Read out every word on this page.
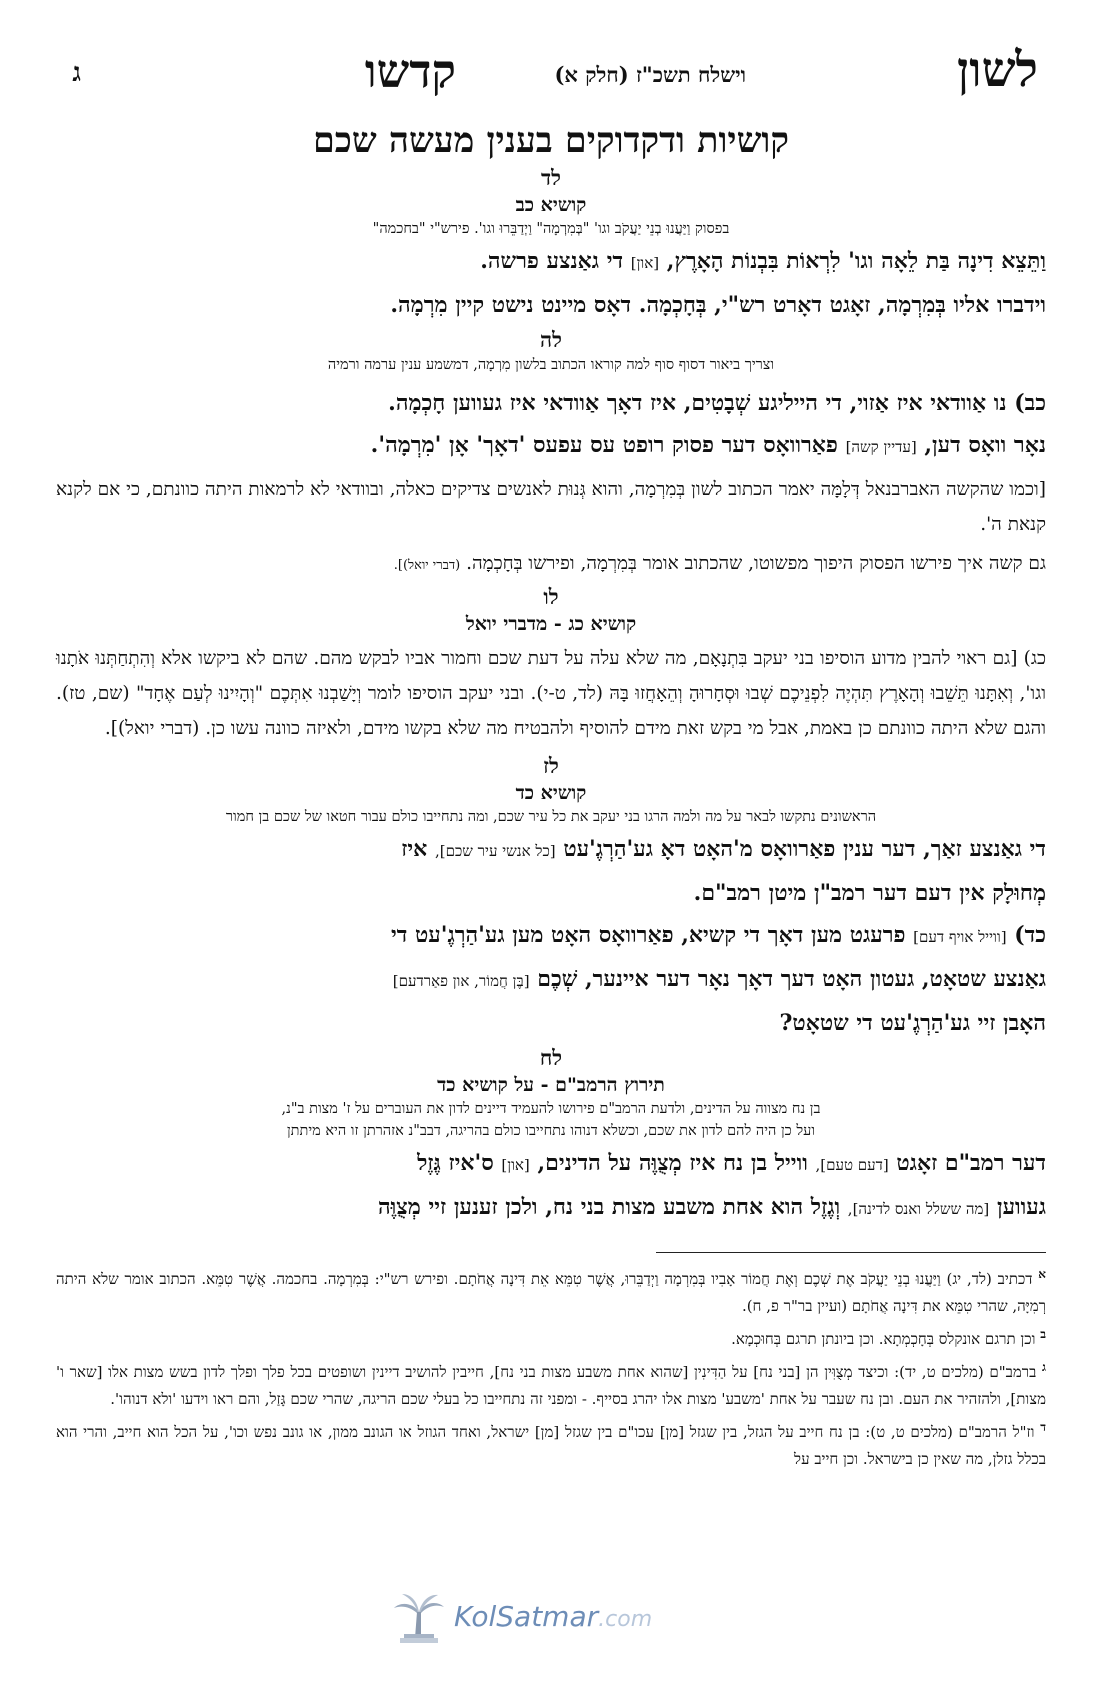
לשון
וישלח תשכ"ז (חלק א)
קדשו
ג
קושיות ודקדוקים בענין מעשה שכם
לד
קושיא כב
בפסוק וַיַּעֲנוּ בְנֵי יַעֲקֹב וגו' "בְּמִרְמָה" וַיְדַבֵּרוּ וגו'. פירש"י "בחכמה"

וַתֵּצֵא דִינָה בַּת לֵאָה וגו' לִרְאוֹת בִּבְנוֹת הָאָרֶץ, [און] די גאַנצע פרשה.

וידברו אליו בְּמִרְמָה, זאָגט דאָרט רש"י, בְּחָכְמָה. דאָס מיינט נישט קיין מִרְמָה.

לה
וצריך ביאור דסוף סוף למה קוראו הכתוב בלשון מִרְמָה, דמשמע ענין ערמה ורמיה

כב) נו אַוודאי איז אַזוי, די הייליגע שְׁבָטִים, איז דאָך אַוודאי איז געווען חָכְמָה.

נאָר וואָס דען, [עדיין קשה] פאַרוואָס דער פסוק רופט עס עפעס 'דאָך' אָן 'מִרְמָה'.

[וכמו שהקשה האברבנאל דְּלָמָּה יאמר הכתוב לשון בְּמִרְמָה, והוא גְּנוּת לאנשים צדיקים כאלה, ובוודאי לא לרמאות היתה כוונתם, כי אם לקנא קנאת ה'.

גם קשה איך פירשו הפסוק היפוך מפשוטו, שהכתוב אומר בְּמִרְמָה, ופירשו בְּחָכְמָה. (דברי יואל)].

לו
קושיא כג - מדברי יואל

כג) [גם ראוי להבין מדוע הוסיפו בני יעקב בִּתְנָאָם, מה שלא עלה על דעת שכם וחמור אביו לבקש מהם. שהם לא ביקשו אלא וְהִתְחַתְּנוּ אֹתָנוּ וגו', וְאִתָּנוּ תֵּשֵׁבוּ וְהָאָרֶץ תִּהְיֶה לִפְנֵיכֶם שְׁבוּ וּסְחָרוּהָ וְהֵאָחֲזוּ בָּהּ (לד, ט-י). ובני יעקב הוסיפו לומר וְיָשַׁבְנוּ אִתְּכֶם "וְהָיִינוּ לְעַם אֶחָד" (שם, טז). והגם שלא היתה כוונתם כן באמת, אבל מי בקש זאת מידם להוסיף ולהבטיח מה שלא בקשו מידם, ולאיזה כוונה עשו כן. (דברי יואל)].

לז
קושיא כד
הראשונים נתקשו לבאר על מה ולמה הרגו בני יעקב את כל עיר שכם, ומה נתחייבו כולם עבור חטאו של שכם בן חמור

די גאַנצע זאַך, דער ענין פאַרוואָס מ'האָט דאָ גע'הַרְגֶ'עט [כל אנשי עיר שכם], איז

מְחוּלָק אין דעם דער רמב"ן מיטן רמב"ם.

כד) [ווייל אויף דעם] פרעגט מען דאָך די קשיא, פאַרוואָס האָט מען גע'הַרְגֶ'עט די

גאַנצע שטאָט, געטון האָט דעך דאָך נאָר דער איינער, שְׁכֶם [בֶּן חֲמוֹר, און פאַרדעם]

האָבן זיי גע'הַרְגֶ'עט די שטאָט?

לח
תירוץ הרמב"ם - על קושיא כד
בן נח מצווה על הדינים, ולדעת הרמב"ם פירושו להעמיד דיינים לדון את העוברים על ז' מצות ב"נ,
ועל כן היה להם לדון את שכם, וכשלא דנוהו נתחייבו כולם בהריגה, דבב"נ אזהרתן זו היא מיתתן

דער רמב"ם זאָגט [דעם טעם], ווייל בן נח איז מְצֻוֶּה על הדינים, [און] ס'איז גֶּזֶל

געווען [מה ששלל ואנס לדינה], וְגֶזֶל הוא אחת משבע מצות בני נח, ולכן זענען זיי מְצֻוֶּה

$^א$ דכתיב (לד, יג) וַיַּעֲנוּ בְנֵי יַעֲקֹב אֶת שְׁכֶם וְאֶת חֲמוֹר אָבִיו בְּמִרְמָה וַיְדַבֵּרוּ, אֲשֶׁר טִמֵּא אֵת דִּינָה אֲחֹתָם. ופירש רש"י: בְּמִרְמָה. בחכמה. אֲשֶׁר טִמֵּא. הכתוב אומר שלא היתה רְמִיָּה, שהרי טִמֵּא את דִּינָה אֲחֹתָם (ועיין בר"ר פ, ח).

$^ב$ וכן תרגם אונקלס בְּחָכְמְתָא. וכן ביונתן תרגם בְּחוּכְמָא.

$^ג$ ברמב"ם (מלכים ט, יד): וכיצד מְצֻוִּין הן [בני נח] על הַדִּינִין [שהוא אחת משבע מצות בני נח], חייבין להושיב דיינין ושופטים בכל פלך ופלך לדון בשש מצות אלו [שאר ו' מצות], ולהזהיר את העם. ובן נח שעבר על אחת 'משבע' מצות אלו יהרג בסייף. - ומפני זה נתחייבו כל בעלי שכם הריגה, שהרי שכם גָּזַל, והם ראו וידעו 'ולא דנוהו'.

$^ד$ וז"ל הרמב"ם (מלכים ט, ט): בן נח חייב על הגזל, בין שגזל [מן] עכו"ם בין שגזל [מן] ישראל, ואחד הגוזל או הגונב ממון, או גונב נפש וכו', על הכל הוא חייב, והרי הוא בכלל גזלן, מה שאין כן בישראל. וכן חייב על

KolSatmar.com
